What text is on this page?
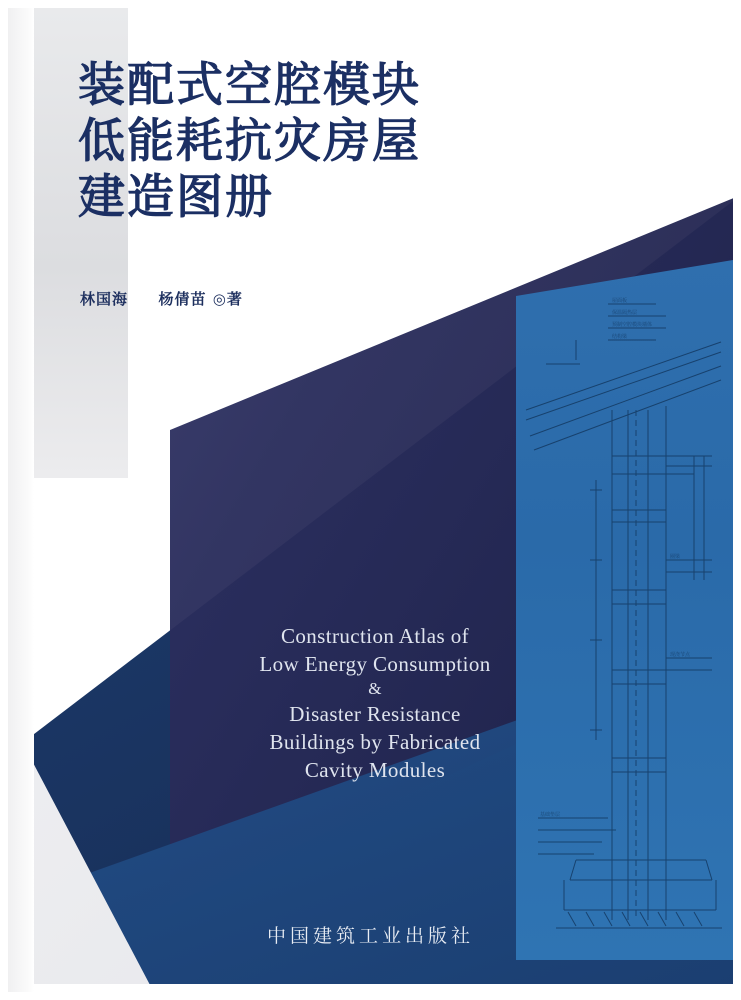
屋面板
保温隔热层
预制空腔模块墙体
结构梁
圈梁
现浇节点
基础垫层
装配式空腔模块
低能耗抗灾房屋
建造图册
林国海 杨倩苗 ◎著
Construction Atlas of
Low Energy Consumption
&
Disaster Resistance
Buildings by Fabricated
Cavity Modules
中国建筑工业出版社
